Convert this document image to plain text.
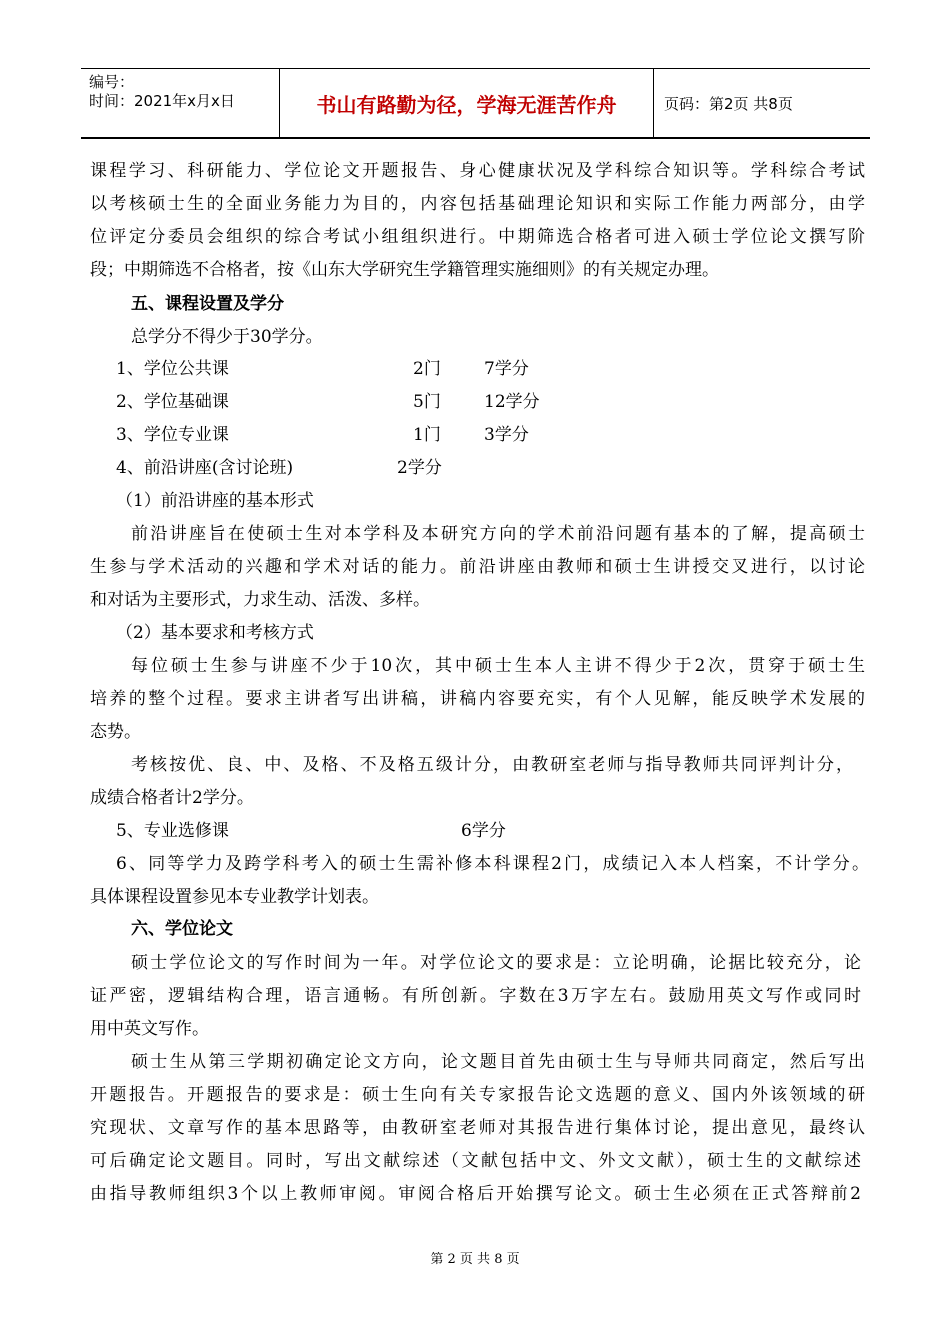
编号：
时间：2021年x月x日	书山有路勤为径，学海无涯苦作舟	页码：第2页 共8页
课程学习、科研能力、学位论文开题报告、身心健康状况及学科综合知识等。学科综合考试
以考核硕士生的全面业务能力为目的，内容包括基础理论知识和实际工作能力两部分，由学
位评定分委员会组织的综合考试小组组织进行。中期筛选合格者可进入硕士学位论文撰写阶
段；中期筛选不合格者，按《山东大学研究生学籍管理实施细则》的有关规定办理。
五、课程设置及学分
总学分不得少于30学分。
1、学位公共课	2门	7学分
2、学位基础课	5门	12学分
3、学位专业课	1门	3学分
4、前沿讲座(含讨论班)	2学分
（1）前沿讲座的基本形式
前沿讲座旨在使硕士生对本学科及本研究方向的学术前沿问题有基本的了解，提高硕士
生参与学术活动的兴趣和学术对话的能力。前沿讲座由教师和硕士生讲授交叉进行，以讨论
和对话为主要形式，力求生动、活泼、多样。
（2）基本要求和考核方式
每位硕士生参与讲座不少于10次，其中硕士生本人主讲不得少于2次，贯穿于硕士生
培养的整个过程。要求主讲者写出讲稿，讲稿内容要充实，有个人见解，能反映学术发展的
态势。
考核按优、良、中、及格、不及格五级计分，由教研室老师与指导教师共同评判计分，
成绩合格者计2学分。
5、专业选修课	6学分
6、同等学力及跨学科考入的硕士生需补修本科课程2门，成绩记入本人档案，不计学分。
具体课程设置参见本专业教学计划表。
六、学位论文
硕士学位论文的写作时间为一年。对学位论文的要求是：立论明确，论据比较充分，论
证严密，逻辑结构合理，语言通畅。有所创新。字数在3万字左右。鼓励用英文写作或同时
用中英文写作。
硕士生从第三学期初确定论文方向，论文题目首先由硕士生与导师共同商定，然后写出
开题报告。开题报告的要求是：硕士生向有关专家报告论文选题的意义、国内外该领域的研
究现状、文章写作的基本思路等，由教研室老师对其报告进行集体讨论，提出意见，最终认
可后确定论文题目。同时，写出文献综述（文献包括中文、外文文献），硕士生的文献综述
由指导教师组织3个以上教师审阅。审阅合格后开始撰写论文。硕士生必须在正式答辩前2
第 2 页 共 8 页
